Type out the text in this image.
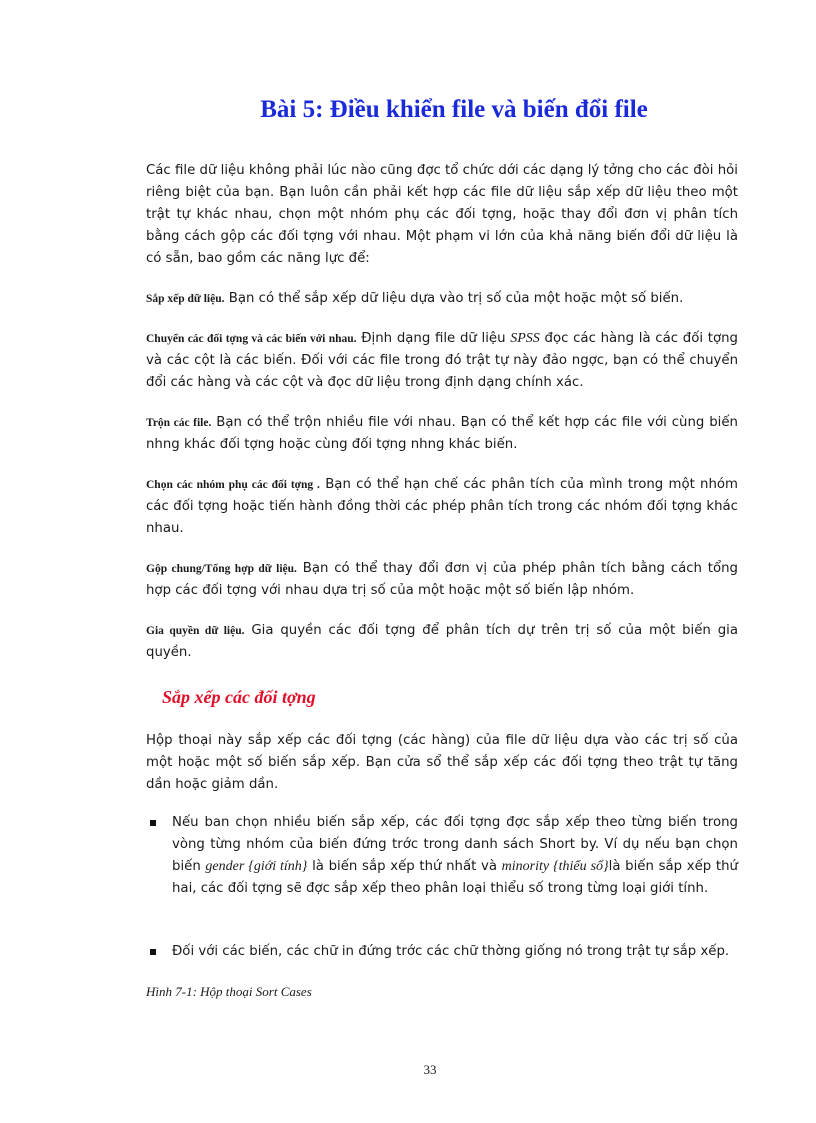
Bài 5: Điều khiển file và biến đổi file

Các file dữ liệu không phải lúc nào cũng đợc tổ chức dới các dạng lý tởng cho các đòi hỏi riêng biệt của bạn. Bạn luôn cần phải kết hợp các file dữ liệu sắp xếp dữ liệu theo một trật tự khác nhau, chọn một nhóm phụ các đối tợng, hoặc thay đổi đơn vị phân tích bằng cách gộp các đối tợng với nhau. Một phạm vi lớn của khả năng biến đổi dữ liệu là có sẵn, bao gồm các năng lực để:

Sắp xếp dữ liệu. Bạn có thể sắp xếp dữ liệu dựa vào trị số của một hoặc một số biến.

Chuyển các đối tợng và các biến với nhau. Định dạng file dữ liệu SPSS đọc các hàng là các đối tợng và các cột là các biến. Đối với các file trong đó trật tự này đảo ngợc, bạn có thể chuyển đổi các hàng và các cột và đọc dữ liệu trong định dạng chính xác.

Trộn các file. Bạn có thể trộn nhiều file với nhau. Bạn có thể kết hợp các file với cùng biến nhng khác đối tợng hoặc cùng đối tợng nhng khác biến.

Chọn các nhóm phụ các đối tợng . Bạn có thể hạn chế các phân tích của mình trong một nhóm các đối tợng hoặc tiến hành đồng thời các phép phân tích trong các nhóm đối tợng khác nhau.

Gộp chung/Tổng hợp dữ liệu. Bạn có thể thay đổi đơn vị của phép phân tích bằng cách tổng hợp các đối tợng với nhau dựa trị số của một hoặc một số biến lập nhóm.

Gia quyền dữ liệu. Gia quyền các đối tợng để phân tích dự trên trị số của một biến gia quyền.

Sắp xếp các đối tợng

Hộp thoại này sắp xếp các đối tợng (các hàng) của file dữ liệu dựa vào các trị số của một hoặc một số biến sắp xếp. Bạn cửa sổ thể sắp xếp các đối tợng theo trật tự tăng dần hoặc giảm dần.

Nếu ban chọn nhiều biến sắp xếp, các đối tợng đợc sắp xếp theo từng biến trong vòng từng nhóm của biến đứng trớc trong danh sách Short by. Ví dụ nếu bạn chọn biến gender {giới tính} là biến sắp xếp thứ nhất và minority {thiểu số}là biến sắp xếp thứ hai, các đối tợng sẽ đợc sắp xếp theo phân loại thiểu số trong từng loại giới tính.

Đối với các biến, các chữ in đứng trớc các chữ thờng giống nó trong trật tự sắp xếp.

Hình 7-1: Hộp thoại Sort Cases

33
